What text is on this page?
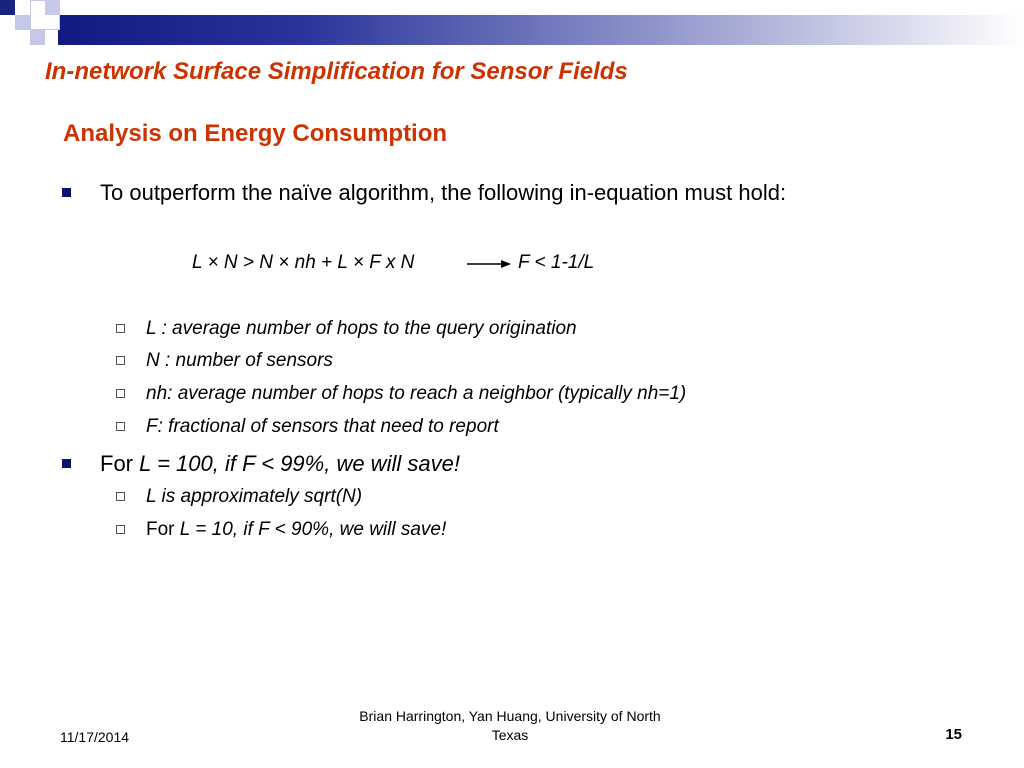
In-network Surface Simplification for Sensor Fields
Analysis on Energy Consumption
To outperform the naïve algorithm, the following in-equation must hold:
L × N > N × nh + L × F x N	F < 1-1/L
L : average number of hops to the query origination
N : number of sensors
nh: average number of hops to reach a neighbor (typically nh=1)
F: fractional of sensors that need to report
For L = 100, if F < 99%, we will save!
L is approximately sqrt(N)
For L = 10, if F < 90%, we will save!
11/17/2014
Brian Harrington, Yan Huang, University of North Texas	15
